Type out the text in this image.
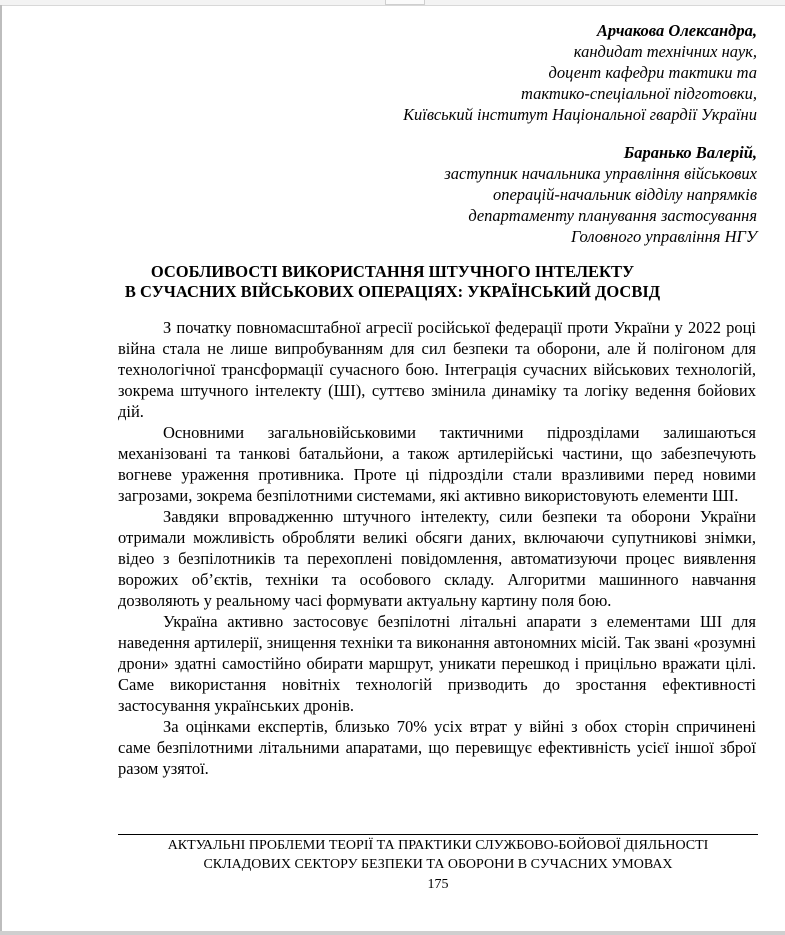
Арчакова Олександра,
кандидат технічних наук,
доцент кафедри тактики та
тактико-спеціальної підготовки,
Київський інститут Національної гвардії України
Баранько Валерій,
заступник начальника управління військових
операцій-начальник відділу напрямків
департаменту планування застосування
Головного управління НГУ
ОСОБЛИВОСТІ ВИКОРИСТАННЯ ШТУЧНОГО ІНТЕЛЕКТУ
В СУЧАСНИХ ВІЙСЬКОВИХ ОПЕРАЦІЯХ: УКРАЇНСЬКИЙ ДОСВІД

З початку повномасштабної агресії російської федерації проти України у 2022 році війна стала не лише випробуванням для сил безпеки та оборони, але й полігоном для технологічної трансформації сучасного бою. Інтеграція сучасних військових технологій, зокрема штучного інтелекту (ШІ), суттєво змінила динаміку та логіку ведення бойових дій.

Основними загальновійськовими тактичними підрозділами залишаються механізовані та танкові батальйони, а також артилерійські частини, що забезпечують вогневе ураження противника. Проте ці підрозділи стали вразливими перед новими загрозами, зокрема безпілотними системами, які активно використовують елементи ШІ.

Завдяки впровадженню штучного інтелекту, сили безпеки та оборони України отримали можливість обробляти великі обсяги даних, включаючи супутникові знімки, відео з безпілотників та перехоплені повідомлення, автоматизуючи процес виявлення ворожих об’єктів, техніки та особового складу. Алгоритми машинного навчання дозволяють у реальному часі формувати актуальну картину поля бою.

Україна активно застосовує безпілотні літальні апарати з елементами ШІ для наведення артилерії, знищення техніки та виконання автономних місій. Так звані «розумні дрони» здатні самостійно обирати маршрут, уникати перешкод і прицільно вражати цілі. Саме використання новітніх технологій призводить до зростання ефективності застосування українських дронів.

За оцінками експертів, близько 70% усіх втрат у війні з обох сторін спричинені саме безпілотними літальними апаратами, що перевищує ефективність усієї іншої зброї разом узятої.

АКТУАЛЬНІ ПРОБЛЕМИ ТЕОРІЇ ТА ПРАКТИКИ СЛУЖБОВО-БОЙОВОЇ ДІЯЛЬНОСТІ
СКЛАДОВИХ СЕКТОРУ БЕЗПЕКИ ТА ОБОРОНИ В СУЧАСНИХ УМОВАХ
175
